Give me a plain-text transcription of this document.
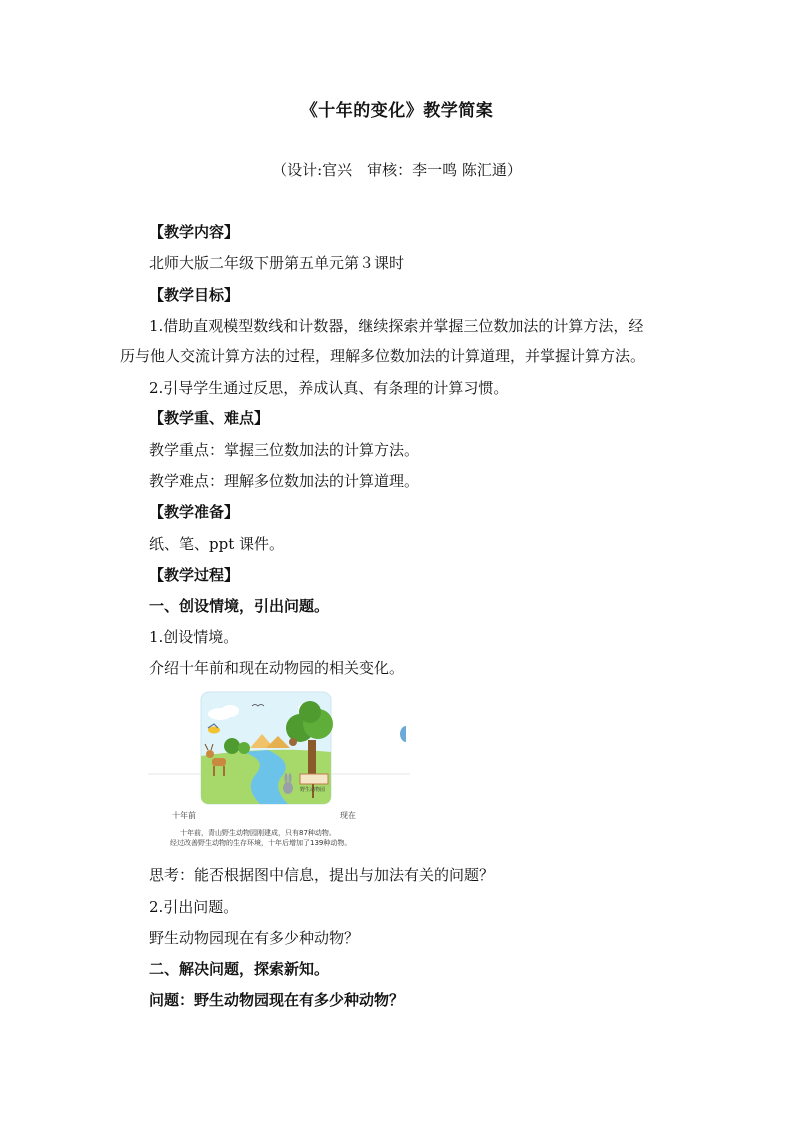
《十年的变化》教学简案
（设计:官兴　审核：李一鸣 陈汇通）
【教学内容】
北师大版二年级下册第五单元第３课时
【教学目标】
1.借助直观模型数线和计数器，继续探索并掌握三位数加法的计算方法，经
历与他人交流计算方法的过程，理解多位数加法的计算道理，并掌握计算方法。
2.引导学生通过反思，养成认真、有条理的计算习惯。
【教学重、难点】
教学重点：掌握三位数加法的计算方法。
教学难点：理解多位数加法的计算道理。
【教学准备】
纸、笔、ppt 课件。
【教学过程】
一、创设情境，引出问题。
1.创设情境。
介绍十年前和现在动物园的相关变化。
野生动物园
十年前	现在
十年前，青山野生动物园刚建成，只有87种动物。
经过改善野生动物的生存环境，十年后增加了139种动物。
思考：能否根据图中信息，提出与加法有关的问题？
2.引出问题。
野生动物园现在有多少种动物？
二、解决问题，探索新知。
问题：野生动物园现在有多少种动物？
